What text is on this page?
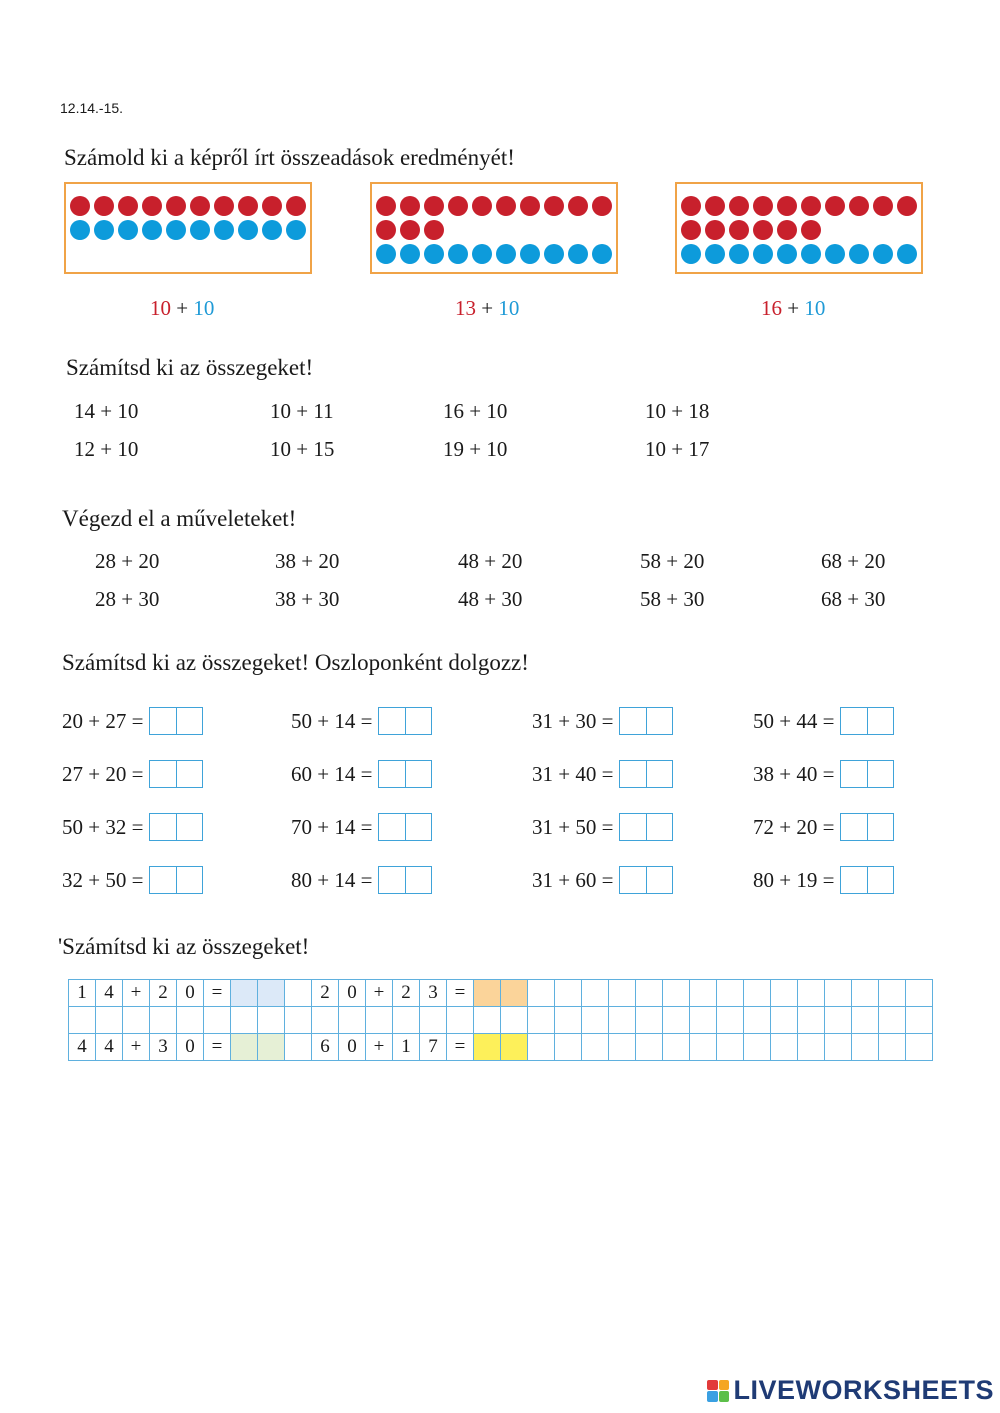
12.14.-15.
Számold ki a képről írt összeadások eredményét!
10 + 10	13 + 10	16 + 10
Számítsd ki az összegeket!
14 + 10	10 + 11	16 + 10	10 + 18
12 + 10	10 + 15	19 + 10	10 + 17
Végezd el a műveleteket!
28 + 20	38 + 20	48 + 20	58 + 20	68 + 20
28 + 30	38 + 30	48 + 30	58 + 30	68 + 30
Számítsd ki az összegeket! Oszloponként dolgozz!
20 + 27 =	50 + 14 =	31 + 30 =	50 + 44 =
27 + 20 =	60 + 14 =	31 + 40 =	38 + 40 =
50 + 32 =	70 + 14 =	31 + 50 =	72 + 20 =
32 + 50 =	80 + 14 =	31 + 60 =	80 + 19 =
'Számítsd ki az összegeket!
1 4 + 2 0 =	2 0 + 2 3 =
4 4 + 3 0 =	6 0 + 1 7 =
LIVEWORKSHEETS
